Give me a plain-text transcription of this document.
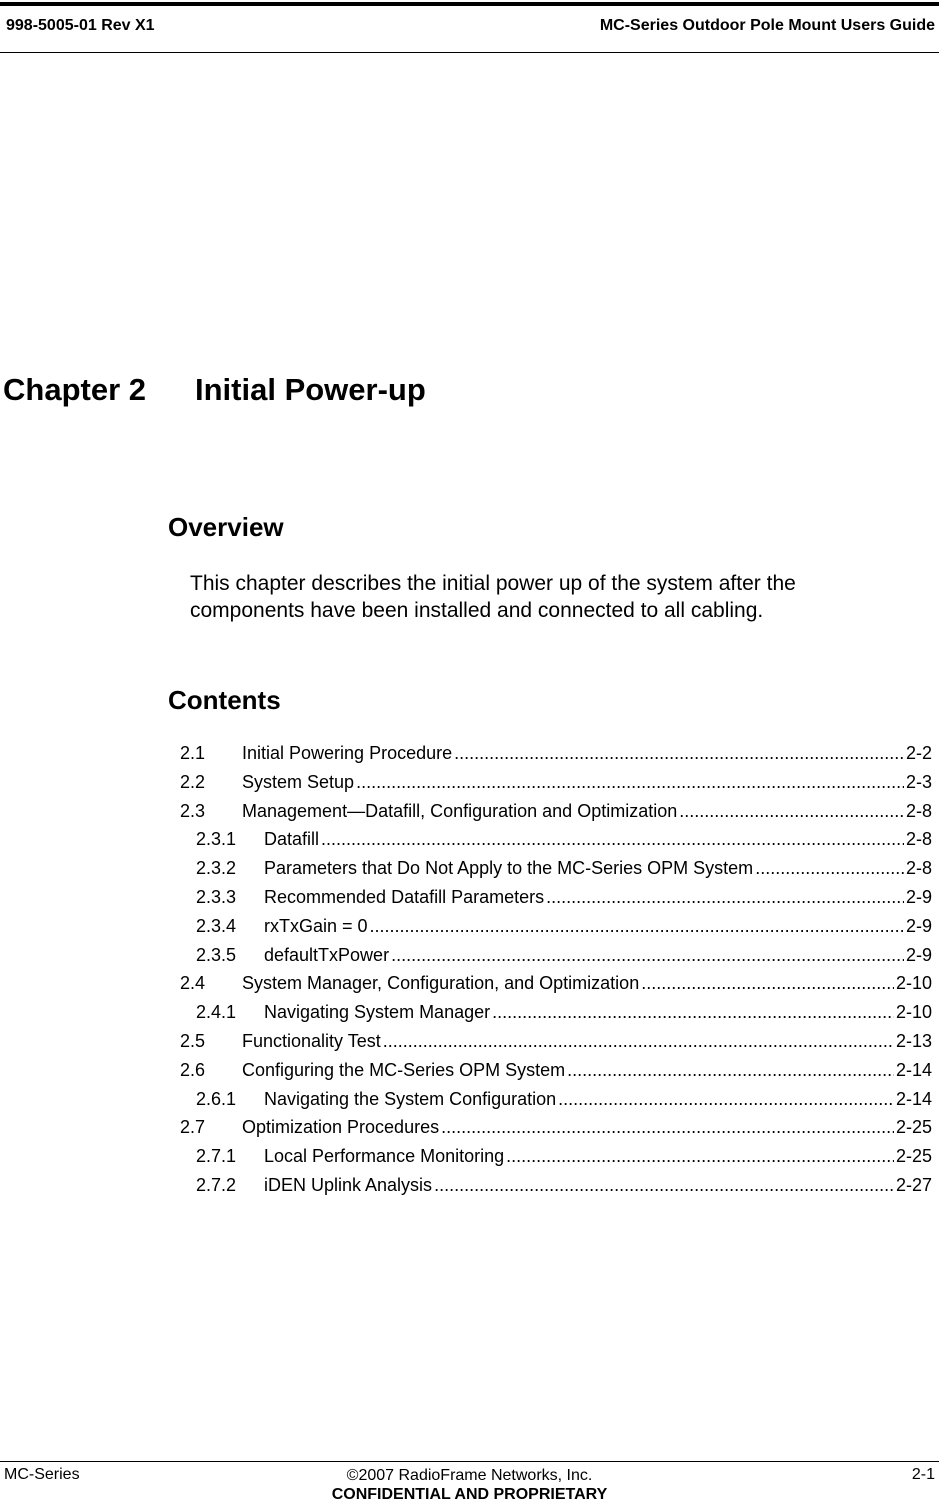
998-5005-01 Rev X1	MC-Series Outdoor Pole Mount Users Guide
Chapter 2 Initial Power-up
Overview
This chapter describes the initial power up of the system after the components have been installed and connected to all cabling.
Contents
2.1	Initial Powering Procedure .....	2-2
2.2	System Setup .....	2-3
2.3	Management—Datafill, Configuration and Optimization .....	2-8
2.3.1	Datafill .....	2-8
2.3.2	Parameters that Do Not Apply to the MC-Series OPM System .....	2-8
2.3.3	Recommended Datafill Parameters .....	2-9
2.3.4	rxTxGain = 0 .....	2-9
2.3.5	defaultTxPower .....	2-9
2.4	System Manager, Configuration, and Optimization .....	2-10
2.4.1	Navigating System Manager .....	2-10
2.5	Functionality Test .....	2-13
2.6	Configuring the MC-Series OPM System .....	2-14
2.6.1	Navigating the System Configuration .....	2-14
2.7	Optimization Procedures .....	2-25
2.7.1	Local Performance Monitoring .....	2-25
2.7.2	iDEN Uplink Analysis .....	2-27
MC-Series	©2007 RadioFrame Networks, Inc.
CONFIDENTIAL AND PROPRIETARY
2-1
